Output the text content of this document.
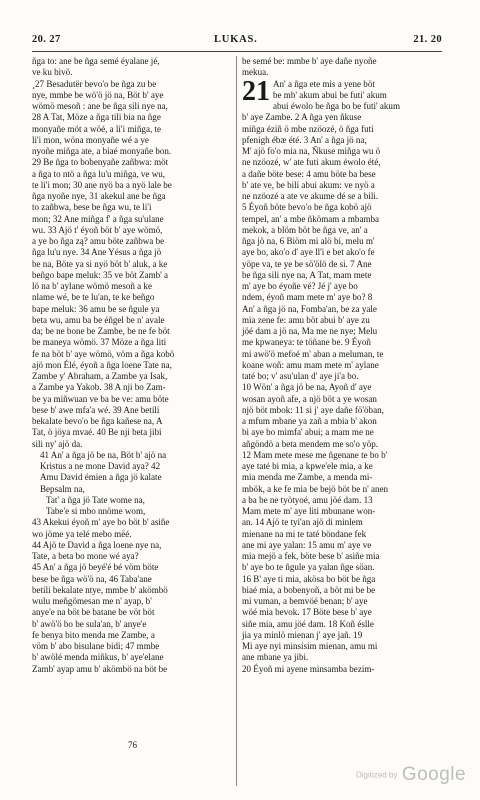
20. 27	LUKAS.	21. 20
ñga to: ane be ñga semé éyalane jé,
ve ku bivö.
¸27 Besadutër bevo'o be ñga zu be
nye, mmbe be wö'ö jö na, Böt b' aye
wömö mesoñ : ane be ñga sili nye na,
28 A Tat, Möze a ñga tili bia na ñge
monyañe möt a wöé, a li'i miñga, te
li'i mon, wöna monyañe wé a ye
nyoñe miñga ate, a biaé monyañe bon.
29 Be ñga to bobenyañe zañbwa: möt
a ñga to ntö a ñga lu'u miñga, ve wu,
te li'i mon; 30 ane nyö ba a nyö lale be
ñga nyoñe nye, 31 akekul ane be ñga
to zañbwa, bese be ñga wu, te li'i
mon; 32 Ane miñga f' a ñga su'ulane
wu. 33 Ajö t' éyoñ böt b' aye wömö,
a ye bo ñga zą? amu böte zañbwa be
ñga lu'u nye. 34 Ane Yésus a ñga jö
be na, Böte ya si nyö böt b' aluk, a ke
beñgo bape meluk: 35 ve böt Zamb' a
lö na b' aylane wömö mesoñ a ke
nlame wé, be te lu'an, te ke beñgo
bape meluk: 36 amu be se ñgule ya
beta wu, amu ba be éñgel be n' avale
da; be ne bone be Zambe, be ne fe böt
be maneya wömö. 37 Möze a ñga liti
fe na böt b' aye wömö, vöm a ñga kobö
ajö mon Élé, éyoñ a ñga loene Tate na,
Zambe y' Abraham, a Zambe ya Isak,
a Zambe ya Yakob. 38 A nji bo Zam-
be ya miñwuan ve ba be ve: amu böte
bese b' awe mfa'a wé. 39 Ane betili
bekalate bevo'o be ñga kañese na, A
Tat, ö jöya mvaé. 40 Be nji beta jibi
sili ny' ajö da.
41 An' a ñga jö be na, Böt b' ajö na
Kristus a ne mone David aya? 42
Amu David émien a ñga jö kalate
Bepsalm na,
Tat' a ñga jö Tate wome na,
Tabe'e si mbo nnöme wom,
43 Akekui éyoñ m' aye bo böt b' asiñe
wo jöme ya telé mebo mëé.
44 Ajö te David a ñga loene nye na,
Tate, a beta bo mone wé aya?
45 An' a ñga jö beyé'é bé vöm böte
bese be ñga wö'ö na, 46 Taba'ane
betili bekalate ntye, mmbe b' akömbö
wulu meñgömesan me n' ayap, b'
anye'e na böt be batane be vöt böt
b' awö'ö bo be sula'an, b' anye'e
fe benya bito menda me Zambe, a
vöm b' abo bisulane bidi; 47 mmbe
b' awölé menda miñkus, b' aye'elane
Zamb' ayap amu b' akömbö na böt be
be semé be: mmbe b' aye dañe nyoñe
mekua.
21 An' a ñga ete mis a yene böt
be mb' akum abui be futi' akum
abui éwolo be ñga bo be futi' akum
b' aye Zambe. 2 A ñga yen ñkuse
miñga éziñ ö mbe nzöozé, ö ñga futi
pfenigh ébæ été. 3 An' a ñga jö na,
M' ajö fo'o mia na, Ñkuse miñga wu ö
ne nzöozé, w' ate futi akum éwolo été,
a dañe böte bese: 4 amu böte ba bese
b' ate ve, be bili abui akum: ve nyö a
ne nzöozé a ate ve akume dé se a bili.
5 Éyoñ böte bevo'o be ñga kobö ajö
tempel, an' a mbe ñkömam a mbamba
mekok, a blöm böt be ñga ve, an' a
ñga jö na, 6 Biöm mi alö bi, melu m'
aye bo, ako'o d' aye ll'i e bet ako'o fe
yöpe va, te ye be sö'ölö de si. 7 Ane
be ñga sili nye na, A Tat, mam mete
m' aye bo éyoñe vé? Jé j' aye bo
ndem, éyoñ mam mete m' aye bo? 8
An' a ñga jö na, Fomba'an, be za yale
mia zene fe: amu böt abui b' aye zu
jöé dam a jö na, Ma me ne nye; Melu
me kpwaneya: te töñane be. 9 Éyoñ
mi awö'ö mefoé m' aban a meluman, te
koane woñ: amu mam mete m' aylane
taté bo; v' asu'ulan d' aye ji'a bo.
10 Wön' a ñga jö be na, Ayoñ d' aye
wosan ayoñ afe, a njö böt a ye wosan
njö böt mbok: 11 si j' aye dañe fö'öban,
a mfum mbane ya zañ a mbia b' akon
bi aye bo mimfa' abui; a mam me ne
añgöndö a beta mendem me so'o yöp.
12 Mam mete mese me ñgenane te bo b'
aye taté bi mia, a kpwe'ele mia, a ke
mia menda me Zambe, a menda mi-
mbök, a ke fe mia be bejö böt be n' anen
a ba be ne työtyoé, amu jöé dam. 13
Mam mete m' aye liti mbunane won-
an. 14 Ajö te tyi'an ajö di minlem
mienane na mi te taté böndane fek
ane mi aye yalan: 15 amu m' aye ve
mia mejö a fek, böte bese b' asiñe mia
b' aye bo te ñgule ya yalan ñge söan.
16 B' aye ti mia, akösa bo böt be ñga
biaé mia, a bobenyoñ, a böt mi be be
mi vuman, a bemvöé benan; b' aye
wöé mia bevok. 17 Böte bese b' aye
siñe mia, amu jöé dam. 18 Koñ éslle
jia ya minlö mienan j' aye jañ. 19
Mi aye nyi minsisim mienan, amu mi
ane mbane ya jibi.
20 Éyoñ mi ayene minsamba bezim-
76
Digitized by Google
